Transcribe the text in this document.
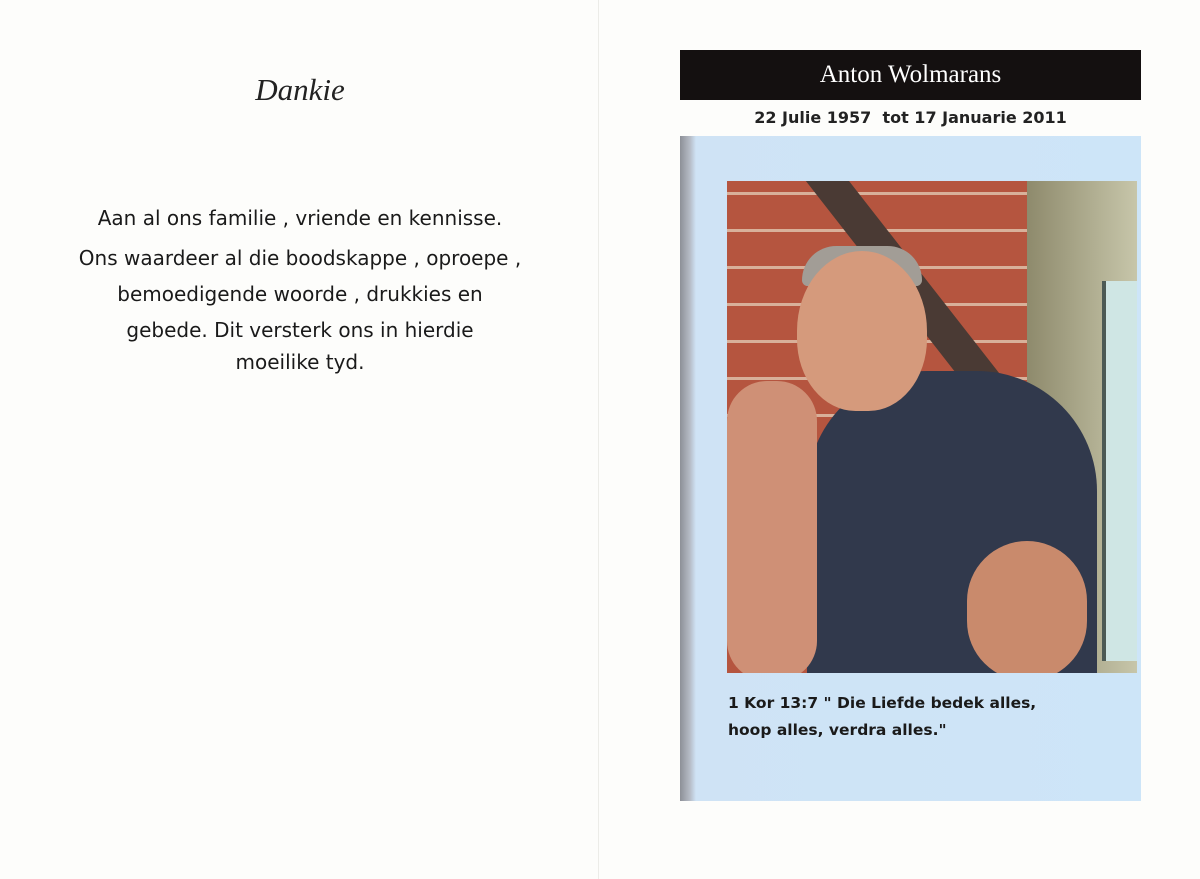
Dankie
Aan al ons familie , vriende en kennisse.
Ons waardeer al die boodskappe , oproepe ,
bemoedigende woorde , drukkies en
gebede. Dit versterk ons in hierdie
moeilike tyd.
Anton Wolmarans
22 Julie 1957  tot 17 Januarie 2011
1 Kor 13:7 " Die Liefde bedek alles,
hoop alles, verdra alles."
